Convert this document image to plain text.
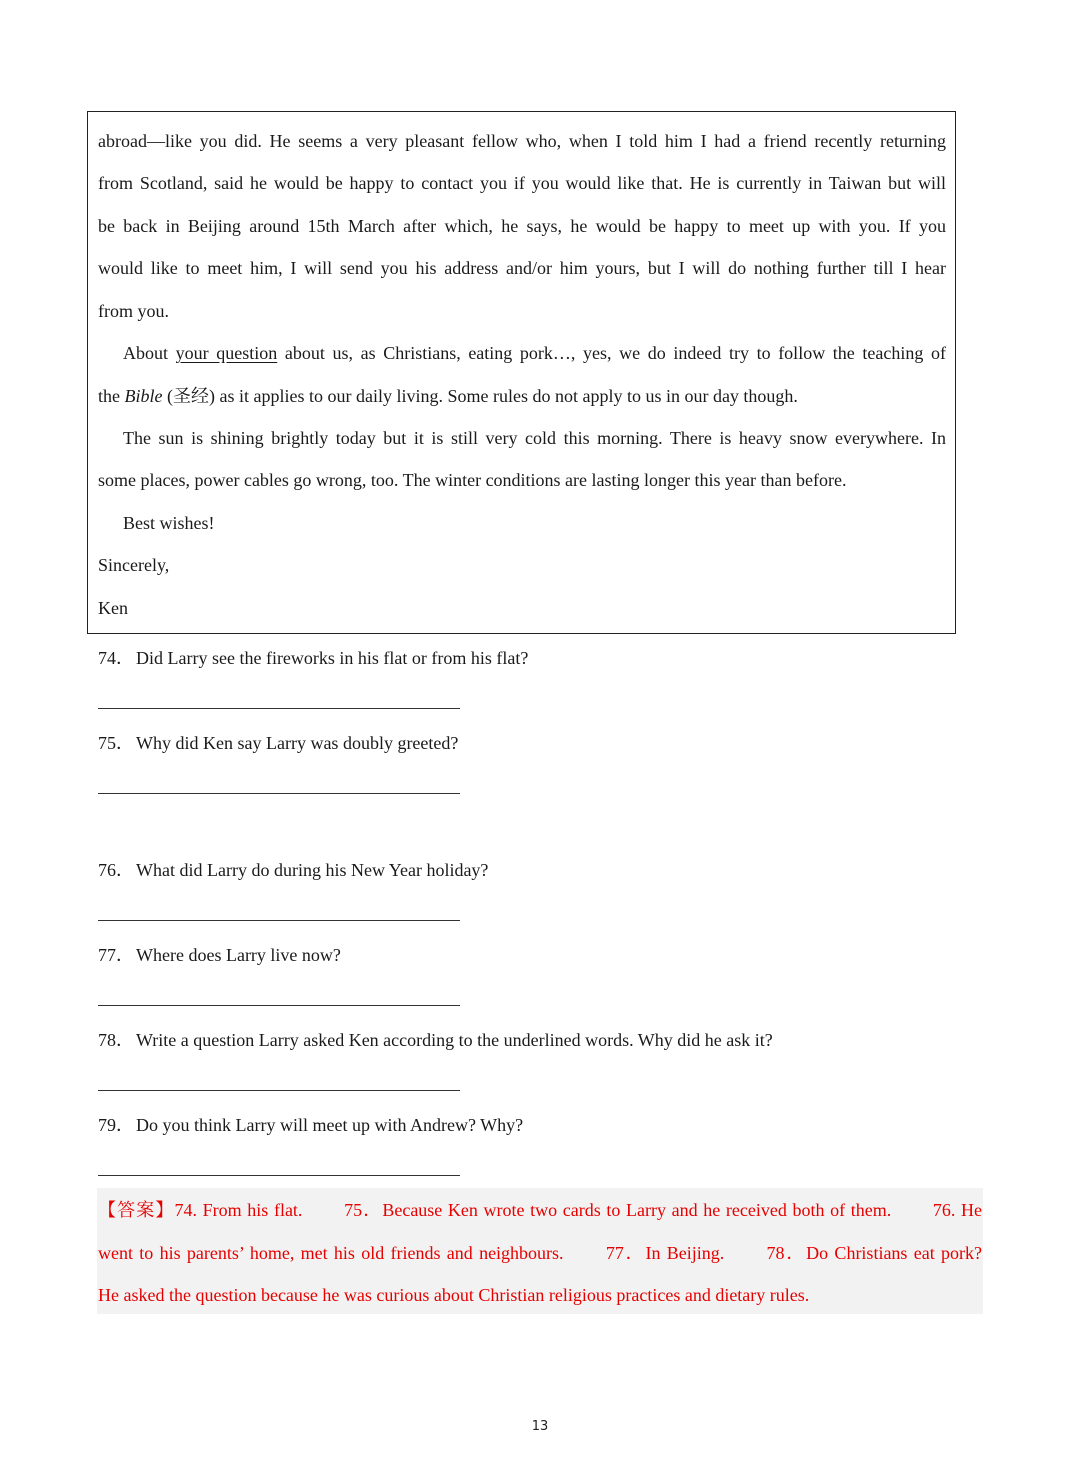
abroad—like you did. He seems a very pleasant fellow who, when I told him I had a friend recently returning
from Scotland, said he would be happy to contact you if you would like that. He is currently in Taiwan but will
be back in Beijing around 15th March after which, he says, he would be happy to meet up with you. If you
would like to meet him, I will send you his address and/or him yours, but I will do nothing further till I hear
from you.
About your question about us, as Christians, eating pork…, yes, we do indeed try to follow the teaching of
the Bible (圣经) as it applies to our daily living. Some rules do not apply to us in our day though.
The sun is shining brightly today but it is still very cold this morning. There is heavy snow everywhere. In
some places, power cables go wrong, too. The winter conditions are lasting longer this year than before.
Best wishes!
Sincerely,
Ken
74． Did Larry see the fireworks in his flat or from his flat?
75． Why did Ken say Larry was doubly greeted?
76． What did Larry do during his New Year holiday?
77． Where does Larry live now?
78． Write a question Larry asked Ken according to the underlined words. Why did he ask it?
79． Do you think Larry will meet up with Andrew? Why?
【答案】74. From his flat.   75．Because Ken wrote two cards to Larry and he received both of them.   76. He
went to his parents’ home, met his old friends and neighbours.   77．In Beijing.   78．Do Christians eat pork?
He asked the question because he was curious about Christian religious practices and dietary rules.
13
